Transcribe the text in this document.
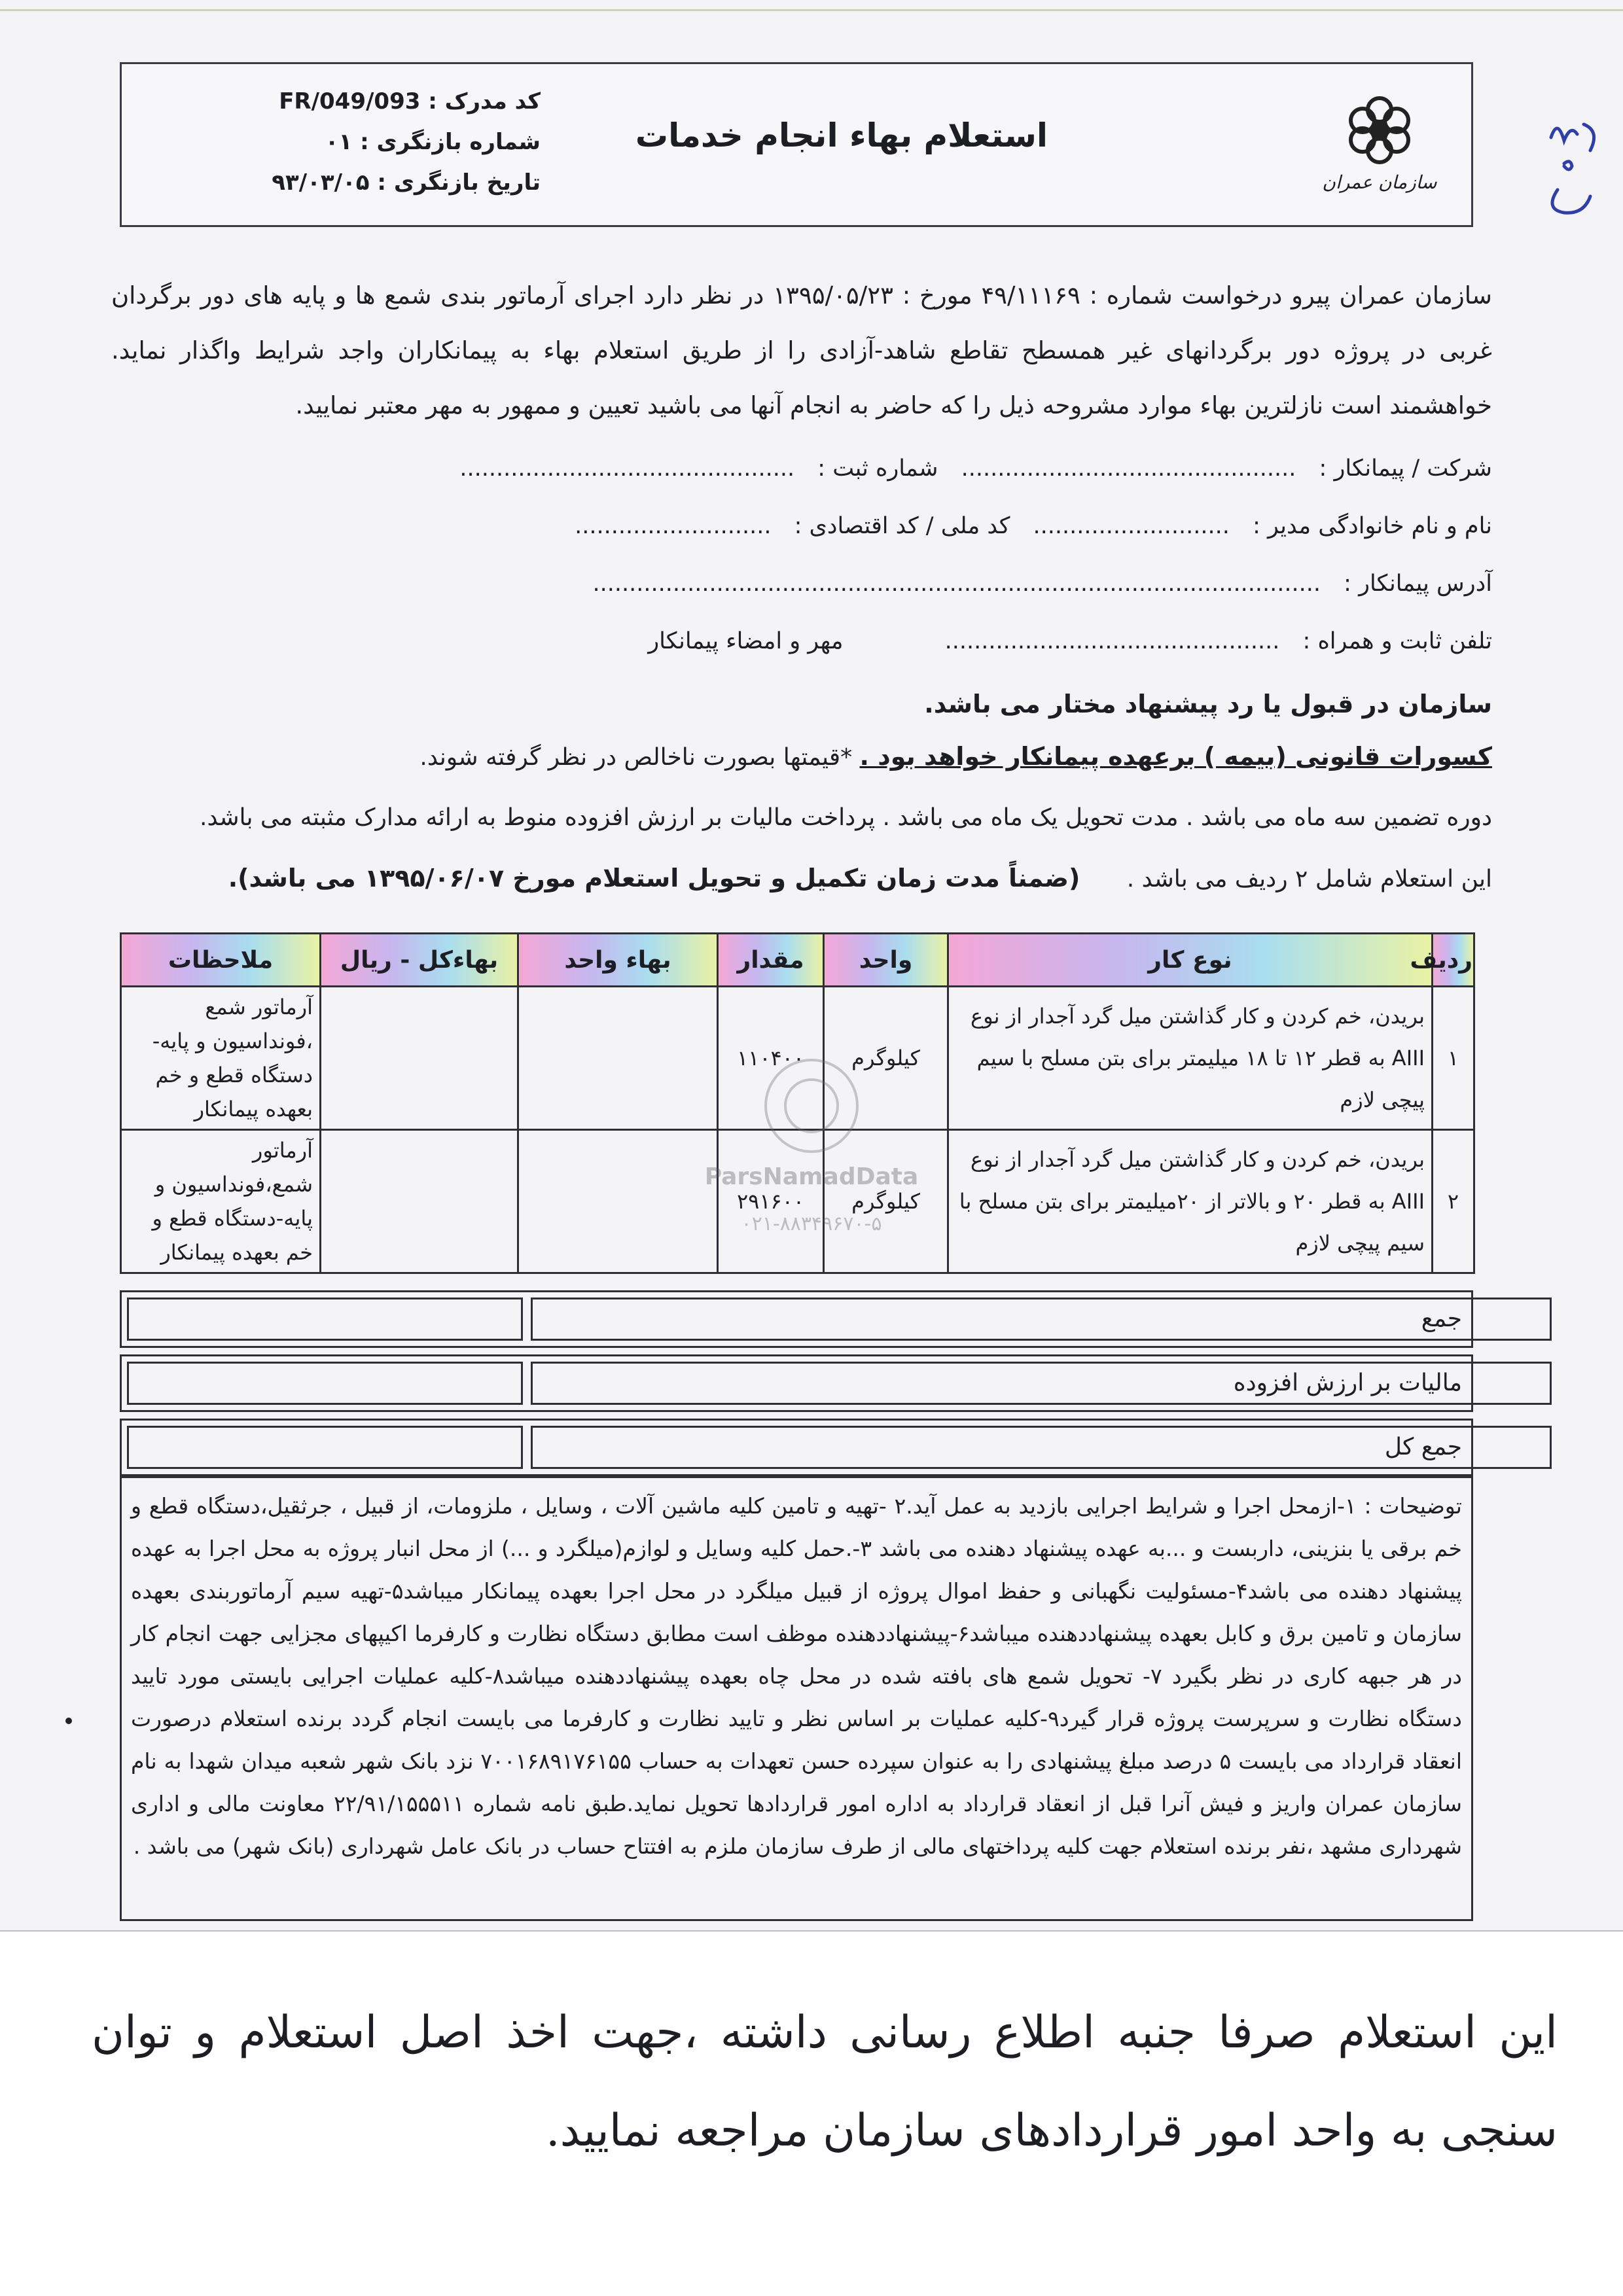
کد مدرک : FR/049/093
شماره بازنگری : ۰۱
تاریخ بازنگری : ۹۳/۰۳/۰۵
استعلام بهاء انجام خدمات
سازمان عمران
سازمان عمران پیرو درخواست شماره : ۴۹/۱۱۱۶۹ مورخ : ۱۳۹۵/۰۵/۲۳ در نظر دارد اجرای آرماتور بندی شمع ها و پایه های دور برگردان غربی در پروژه دور برگردانهای غیر همسطح تقاطع شاهد-آزادی را از طریق استعلام بهاء به پیمانکاران واجد شرایط واگذار نماید. خواهشمند است نازلترین بهاء موارد مشروحه ذیل را که حاضر به انجام آنها می باشید تعیین و ممهور به مهر معتبر نمایید.
شرکت / پیمانکار : .............................................. شماره ثبت : ..............................................
نام و نام خانوادگی مدیر : ........................... کد ملی / کد اقتصادی : ...........................
آدرس پیمانکار : ....................................................................................................
تلفن ثابت و همراه : .............................................. مهر و امضاء پیمانکار
سازمان در قبول یا رد پیشنهاد مختار می باشد.
کسورات قانونی (بیمه ) برعهده پیمانکار خواهد بود . *قیمتها بصورت ناخالص در نظر گرفته شوند.
دوره تضمین سه ماه می باشد . مدت تحویل یک ماه می باشد . پرداخت مالیات بر ارزش افزوده منوط به ارائه مدارک مثبته می باشد.
این استعلام شامل ۲ ردیف می باشد . (ضمناً مدت زمان تکمیل و تحویل استعلام مورخ ۱۳۹۵/۰۶/۰۷ می باشد).
ردیف	نوع کار	واحد	مقدار	بهاء واحد	بهاءکل - ریال	ملاحظات
۱	بریدن، خم کردن و کار گذاشتن میل گرد آجدار از نوع AIII به قطر ۱۲ تا ۱۸ میلیمتر برای بتن مسلح با سیم پیچی لازم	کیلوگرم	۱۱۰۴۰۰			آرماتور شمع ،فونداسیون و پایه-دستگاه قطع و خم بعهده پیمانکار
۲	بریدن، خم کردن و کار گذاشتن میل گرد آجدار از نوع AIII به قطر ۲۰ و بالاتر از ۲۰میلیمتر برای بتن مسلح با سیم پیچی لازم	کیلوگرم	۲۹۱۶۰۰			آرماتور شمع،فونداسیون و پایه-دستگاه قطع و خم بعهده پیمانکار
ParsNamadData
۰۲۱-۸۸۳۴۹۶۷۰-۵
جمع
مالیات بر ارزش افزوده
جمع کل
توضیحات : ۱-ازمحل اجرا و شرایط اجرایی بازدید به عمل آید.۲ -تهیه و تامین کلیه ماشین آلات ، وسایل ، ملزومات، از قبیل ، جرثقیل،دستگاه قطع و خم برقی یا بنزینی، داربست و ...به عهده پیشنهاد دهنده می باشد ۳-.حمل کلیه وسایل و لوازم(میلگرد و ...) از محل انبار پروژه به محل اجرا به عهده پیشنهاد دهنده می باشد۴-مسئولیت نگهبانی و حفظ اموال پروژه از قبیل میلگرد در محل اجرا بعهده پیمانکار میباشد۵-تهیه سیم آرماتوربندی بعهده سازمان و تامین برق و کابل بعهده پیشنهاددهنده میباشد۶-پیشنهاددهنده موظف است مطابق دستگاه نظارت و کارفرما اکیپهای مجزایی جهت انجام کار در هر جبهه کاری در نظر بگیرد ۷- تحویل شمع های بافته شده در محل چاه بعهده پیشنهاددهنده میباشد۸-کلیه عملیات اجرایی بایستی مورد تایید دستگاه نظارت و سرپرست پروژه قرار گیرد۹-کلیه عملیات بر اساس نظر و تایید نظارت و کارفرما می بایست انجام گردد برنده استعلام درصورت انعقاد قرارداد می بایست ۵ درصد مبلغ پیشنهادی را به عنوان سپرده حسن تعهدات به حساب ۷۰۰۱۶۸۹۱۷۶۱۵۵ نزد بانک شهر شعبه میدان شهدا به نام سازمان عمران واریز و فیش آنرا قبل از انعقاد قرارداد به اداره امور قراردادها تحویل نماید.طبق نامه شماره ۲۲/۹۱/۱۵۵۵۱۱ معاونت مالی و اداری شهرداری مشهد ،نفر برنده استعلام جهت کلیه پرداختهای مالی از طرف سازمان ملزم به افتتاح حساب در بانک عامل شهرداری (بانک شهر) می باشد .
این استعلام صرفا جنبه اطلاع رسانی داشته ،جهت اخذ اصل استعلام و توان سنجی به واحد امور قراردادهای سازمان مراجعه نمایید.
